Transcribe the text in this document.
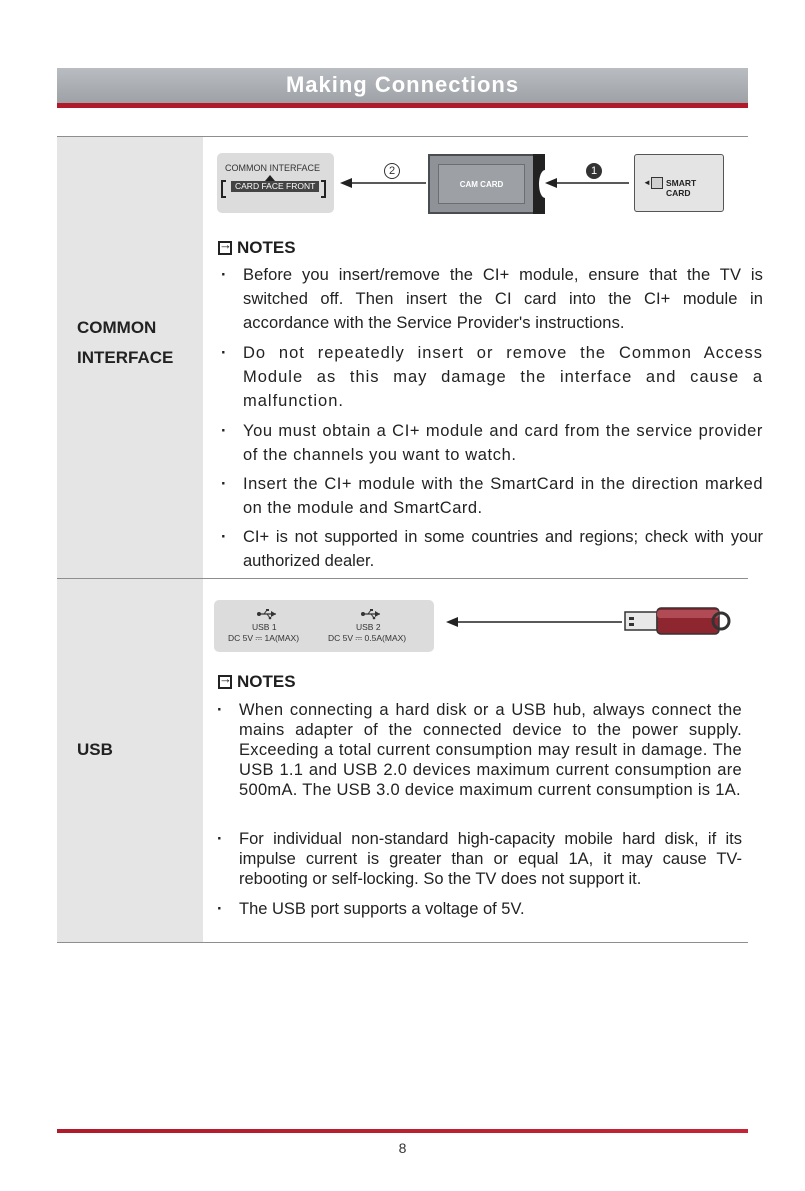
Making Connections
COMMON
INTERFACE
COMMON INTERFACE
CARD FACE FRONT
2
CAM CARD
1
◄ SMART CARD
→
NOTES
· Before you insert/remove the CI+ module, ensure that the TV is switched off. Then insert the CI card into the CI+ module in accordance with the Service Provider's instructions.
· Do not repeatedly insert or remove the Common Access Module as this may damage the interface and cause a malfunction.
· You must obtain a CI+ module and card from the service provider of the channels you want to watch.
· Insert the CI+ module with the SmartCard in the direction marked on the module and SmartCard.
· CI+ is not supported in some countries and regions; check with your authorized dealer.
USB
USB 1
DC 5V ⎓ 1A(MAX)
USB 2
DC 5V ⎓ 0.5A(MAX)
→
NOTES
· When connecting a hard disk or a USB hub, always connect the mains adapter of the connected device to the power supply. Exceeding a total current consumption may result in damage. The USB 1.1 and USB 2.0 devices maximum current consumption are 500mA. The USB 3.0 device maximum current consumption is 1A.
· For individual non-standard high-capacity mobile hard disk, if its impulse current is greater than or equal 1A, it may cause TV-rebooting or self-locking. So the TV does not support it.
· The USB port supports a voltage of 5V.
8
